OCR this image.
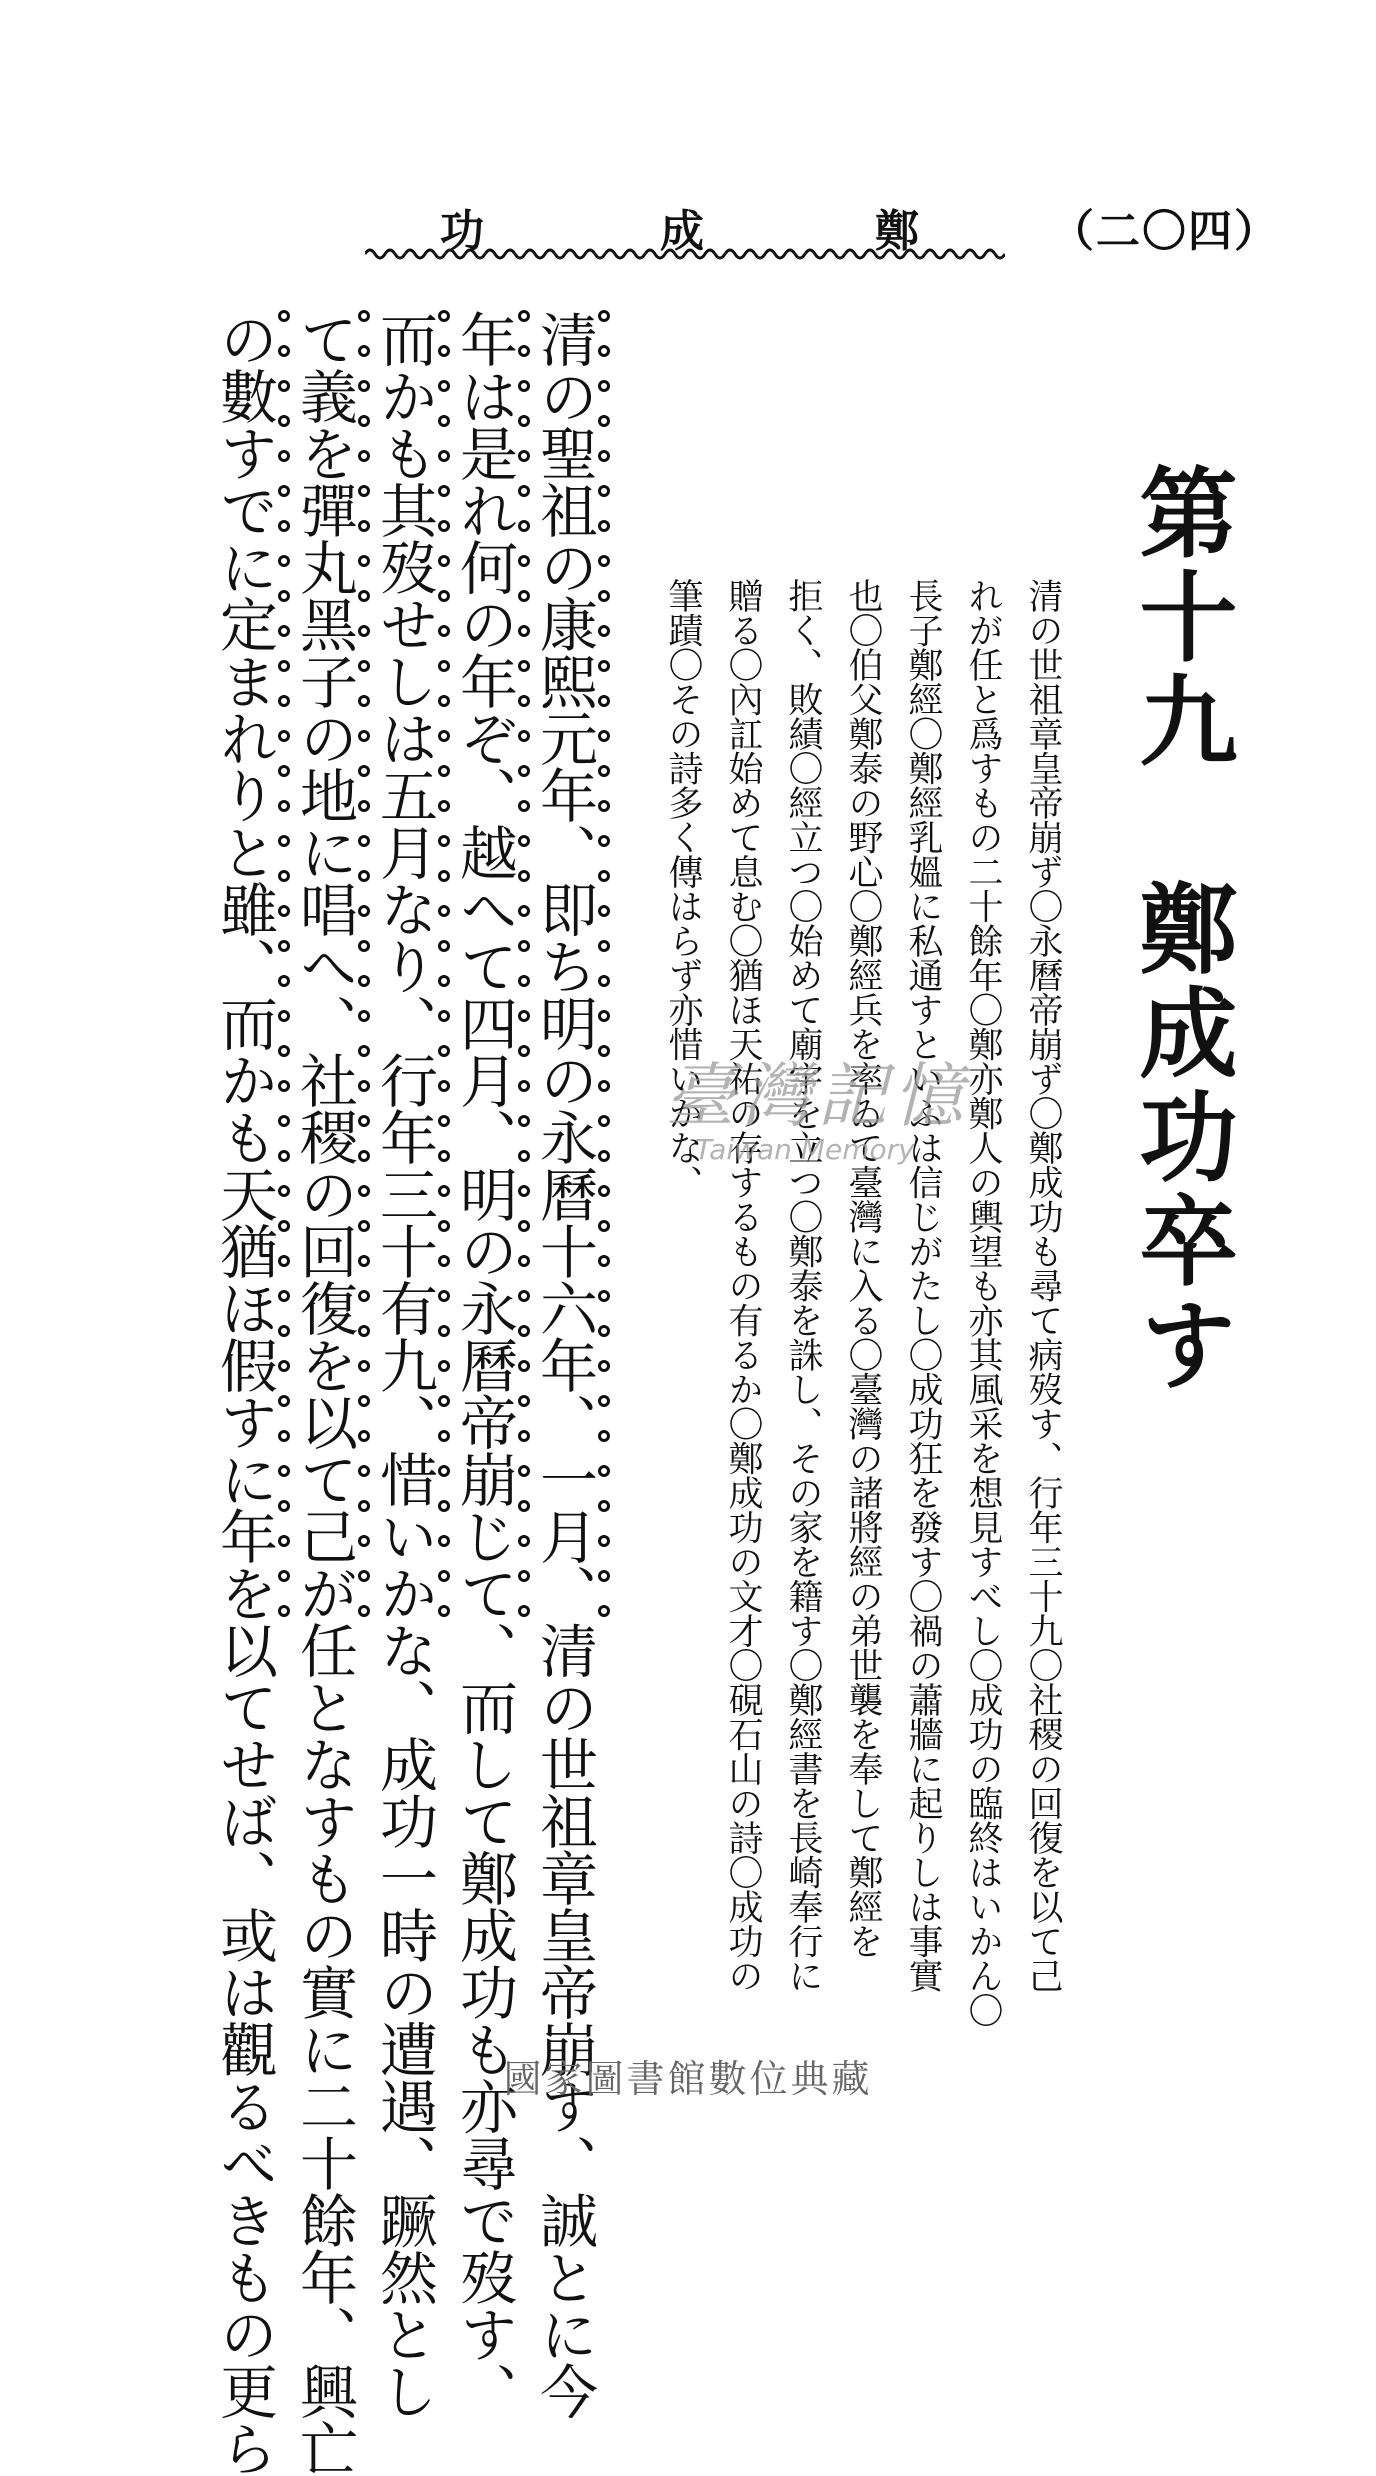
（二〇四）
鄭
成
功
第十九　鄭成功卒す
清の世祖章皇帝崩ず〇永曆帝崩ず〇鄭成功も尋て病歿す、行年三十九〇社稷の回復を以て己
れが任と爲すもの二十餘年〇鄭亦鄭人の輿望も亦其風采を想見すべし〇成功の臨終はいかん〇
長子鄭經〇鄭經乳媼に私通すといふは信じがたし〇成功狂を發す〇禍の蕭牆に起りしは事實
也〇伯父鄭泰の野心〇鄭經兵を率ゐて臺灣に入る〇臺灣の諸將經の弟世襲を奉して鄭經を
拒く、敗績〇經立つ〇始めて廟宇を立つ〇鄭泰を誅し、その家を籍す〇鄭經書を長崎奉行に
贈る〇內訌始めて息む〇猶ほ天祐の存するもの有るか〇鄭成功の文才〇硯石山の詩〇成功の
筆蹟〇その詩多く傳はらず亦惜いかな、
清の聖祖の康熙元年、即ち明の永曆十六年、一月、清の世祖章皇帝崩す、誠とに今
年は是れ何の年ぞ、越へて四月、明の永曆帝崩じて、而して鄭成功も亦尋で歿す、
而かも其歿せしは五月なり、行年三十有九、惜いかな、成功一時の遭遇、蹶然とし
て義を彈丸黑子の地に唱へ、社稷の回復を以て己が任となすもの實に二十餘年、興亡
の數すでに定まれりと雖、而かも天猶ほ假すに年を以てせば、或は觀るべきもの更ら	臺灣記憶
Taiwan Memory
國家圖書館數位典藏
